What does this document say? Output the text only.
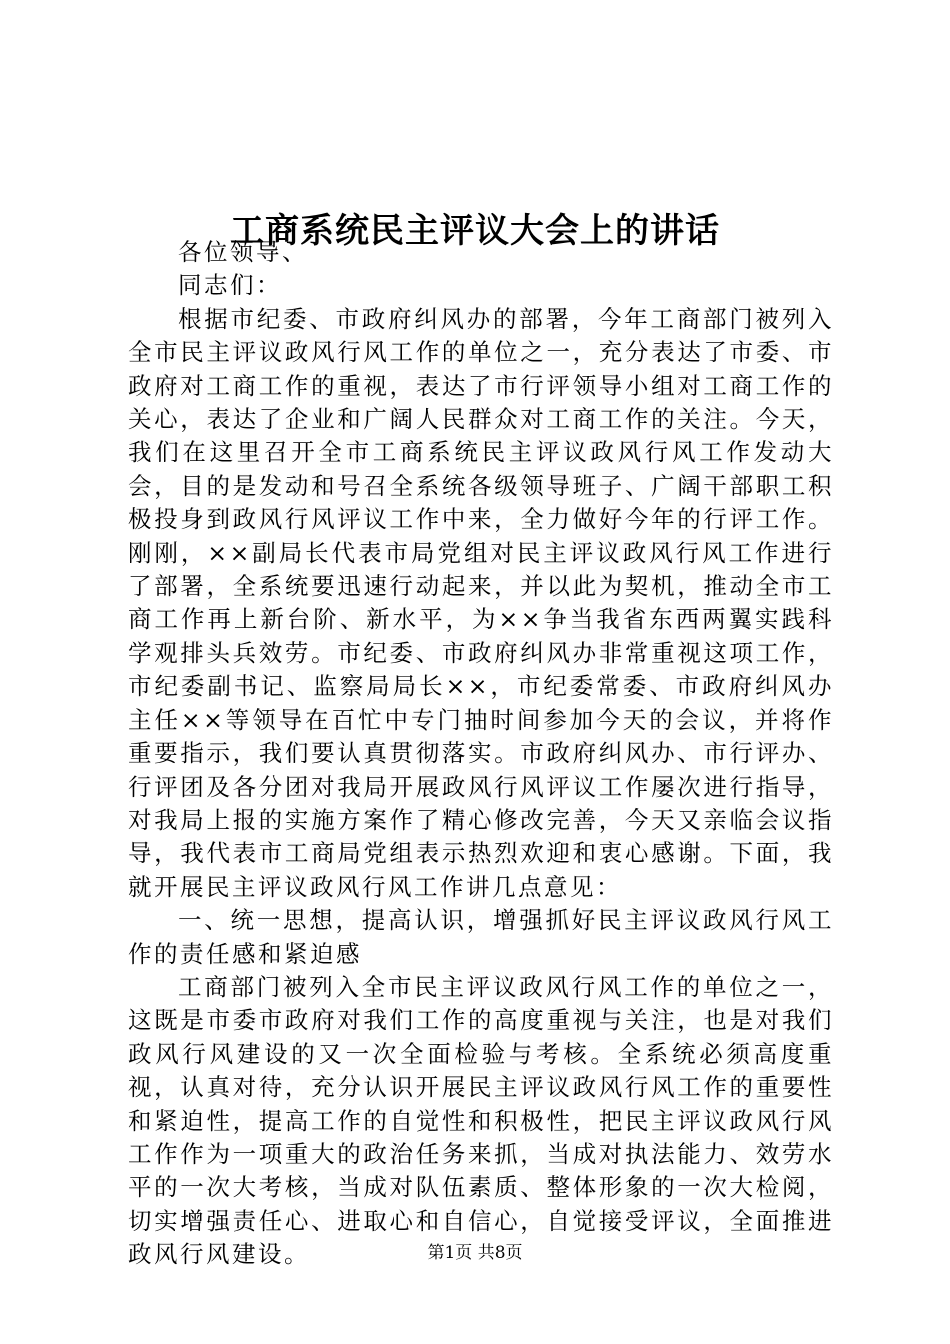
工商系统民主评议大会上的讲话

各位领导、

同志们：

根据市纪委、市政府纠风办的部署，今年工商部门被列入全市民主评议政风行风工作的单位之一，充分表达了市委、市政府对工商工作的重视，表达了市行评领导小组对工商工作的关心，表达了企业和广阔人民群众对工商工作的关注。今天，我们在这里召开全市工商系统民主评议政风行风工作发动大会，目的是发动和号召全系统各级领导班子、广阔干部职工积极投身到政风行风评议工作中来，全力做好今年的行评工作。刚刚，××副局长代表市局党组对民主评议政风行风工作进行了部署，全系统要迅速行动起来，并以此为契机，推动全市工商工作再上新台阶、新水平，为××争当我省东西两翼实践科学观排头兵效劳。市纪委、市政府纠风办非常重视这项工作，市纪委副书记、监察局局长××，市纪委常委、市政府纠风办主任××等领导在百忙中专门抽时间参加今天的会议，并将作重要指示，我们要认真贯彻落实。市政府纠风办、市行评办、行评团及各分团对我局开展政风行风评议工作屡次进行指导，对我局上报的实施方案作了精心修改完善，今天又亲临会议指导，我代表市工商局党组表示热烈欢迎和衷心感谢。下面，我就开展民主评议政风行风工作讲几点意见：

一、统一思想，提高认识，增强抓好民主评议政风行风工作的责任感和紧迫感

工商部门被列入全市民主评议政风行风工作的单位之一，这既是市委市政府对我们工作的高度重视与关注，也是对我们政风行风建设的又一次全面检验与考核。全系统必须高度重视，认真对待，充分认识开展民主评议政风行风工作的重要性和紧迫性，提高工作的自觉性和积极性，把民主评议政风行风工作作为一项重大的政治任务来抓，当成对执法能力、效劳水平的一次大考核，当成对队伍素质、整体形象的一次大检阅，切实增强责任心、进取心和自信心，自觉接受评议，全面推进政风行风建设。	第1页 共8页
